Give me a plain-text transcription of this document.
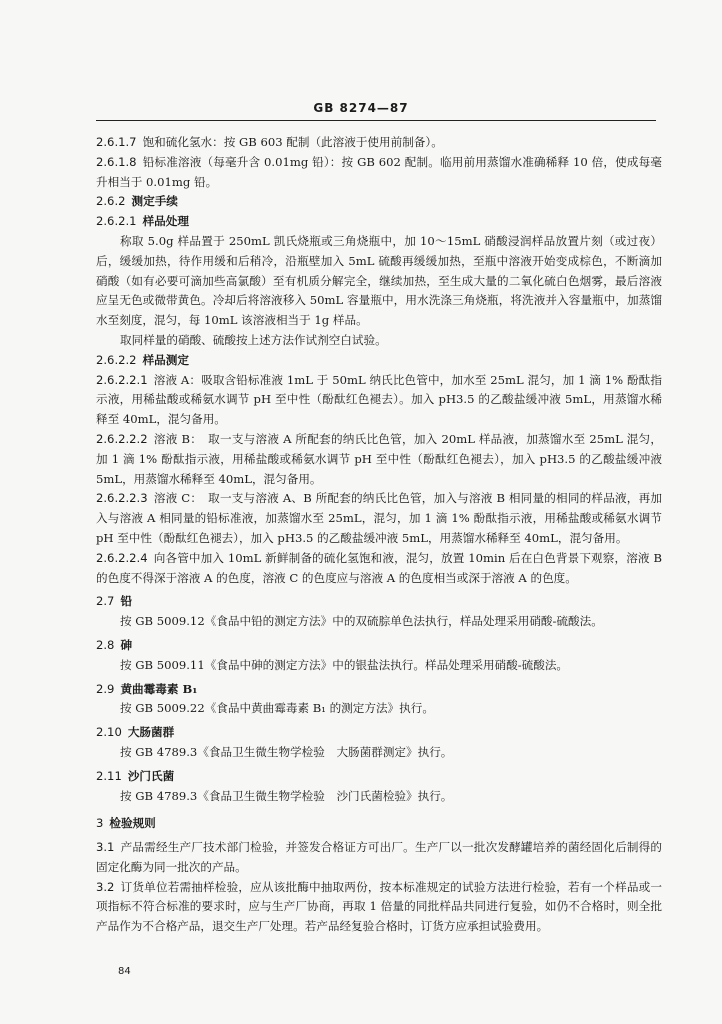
GB 8274—87

2.6.1.7 饱和硫化氢水：按 GB 603 配制（此溶液于使用前制备）。

2.6.1.8 铅标准溶液（每毫升含 0.01mg 铅）：按 GB 602 配制。临用前用蒸馏水准确稀释 10 倍，使成每毫升相当于 0.01mg 铅。

2.6.2 测定手续

2.6.2.1 样品处理

称取 5.0g 样品置于 250mL 凯氏烧瓶或三角烧瓶中，加 10～15mL 硝酸浸润样品放置片刻（或过夜）后，缓缓加热，待作用缓和后稍冷，沿瓶壁加入 5mL 硫酸再缓缓加热，至瓶中溶液开始变成棕色，不断滴加硝酸（如有必要可滴加些高氯酸）至有机质分解完全，继续加热，至生成大量的二氧化硫白色烟雾，最后溶液应呈无色或微带黄色。冷却后将溶液移入 50mL 容量瓶中，用水洗涤三角烧瓶，将洗液并入容量瓶中，加蒸馏水至刻度，混匀，每 10mL 该溶液相当于 1g 样品。

取同样量的硝酸、硫酸按上述方法作试剂空白试验。

2.6.2.2 样品测定

2.6.2.2.1 溶液 A：吸取含铅标准液 1mL 于 50mL 纳氏比色管中，加水至 25mL 混匀，加 1 滴 1% 酚酞指示液，用稀盐酸或稀氨水调节 pH 至中性（酚酞红色褪去）。加入 pH3.5 的乙酸盐缓冲液 5mL，用蒸馏水稀释至 40mL，混匀备用。

2.6.2.2.2 溶液 B：　取一支与溶液 A 所配套的纳氏比色管，加入 20mL 样品液，加蒸馏水至 25mL 混匀，加 1 滴 1% 酚酞指示液，用稀盐酸或稀氨水调节 pH 至中性（酚酞红色褪去），加入 pH3.5 的乙酸盐缓冲液 5mL，用蒸馏水稀释至 40mL，混匀备用。

2.6.2.2.3 溶液 C：　取一支与溶液 A、B 所配套的纳氏比色管，加入与溶液 B 相同量的相同的样品液，再加入与溶液 A 相同量的铅标准液，加蒸馏水至 25mL，混匀，加 1 滴 1% 酚酞指示液，用稀盐酸或稀氨水调节 pH 至中性（酚酞红色褪去），加入 pH3.5 的乙酸盐缓冲液 5mL，用蒸馏水稀释至 40mL，混匀备用。

2.6.2.2.4 向各管中加入 10mL 新鲜制备的硫化氢饱和液，混匀，放置 10min 后在白色背景下观察，溶液 B 的色度不得深于溶液 A 的色度，溶液 C 的色度应与溶液 A 的色度相当或深于溶液 A 的色度。

2.7 铅

按 GB 5009.12《食品中铅的测定方法》中的双硫腙单色法执行，样品处理采用硝酸-硫酸法。

2.8 砷

按 GB 5009.11《食品中砷的测定方法》中的银盐法执行。样品处理采用硝酸-硫酸法。

2.9 黄曲霉毒素 B₁

按 GB 5009.22《食品中黄曲霉毒素 B₁ 的测定方法》执行。

2.10 大肠菌群

按 GB 4789.3《食品卫生微生物学检验　大肠菌群测定》执行。

2.11 沙门氏菌

按 GB 4789.3《食品卫生微生物学检验　沙门氏菌检验》执行。

3 检验规则

3.1 产品需经生产厂技术部门检验，并签发合格证方可出厂。生产厂以一批次发酵罐培养的菌经固化后制得的固定化酶为同一批次的产品。

3.2 订货单位若需抽样检验，应从该批酶中抽取两份，按本标准规定的试验方法进行检验，若有一个样品或一项指标不符合标准的要求时，应与生产厂协商，再取 1 倍量的同批样品共同进行复验，如仍不合格时，则全批产品作为不合格产品，退交生产厂处理。若产品经复验合格时，订货方应承担试验费用。

84
